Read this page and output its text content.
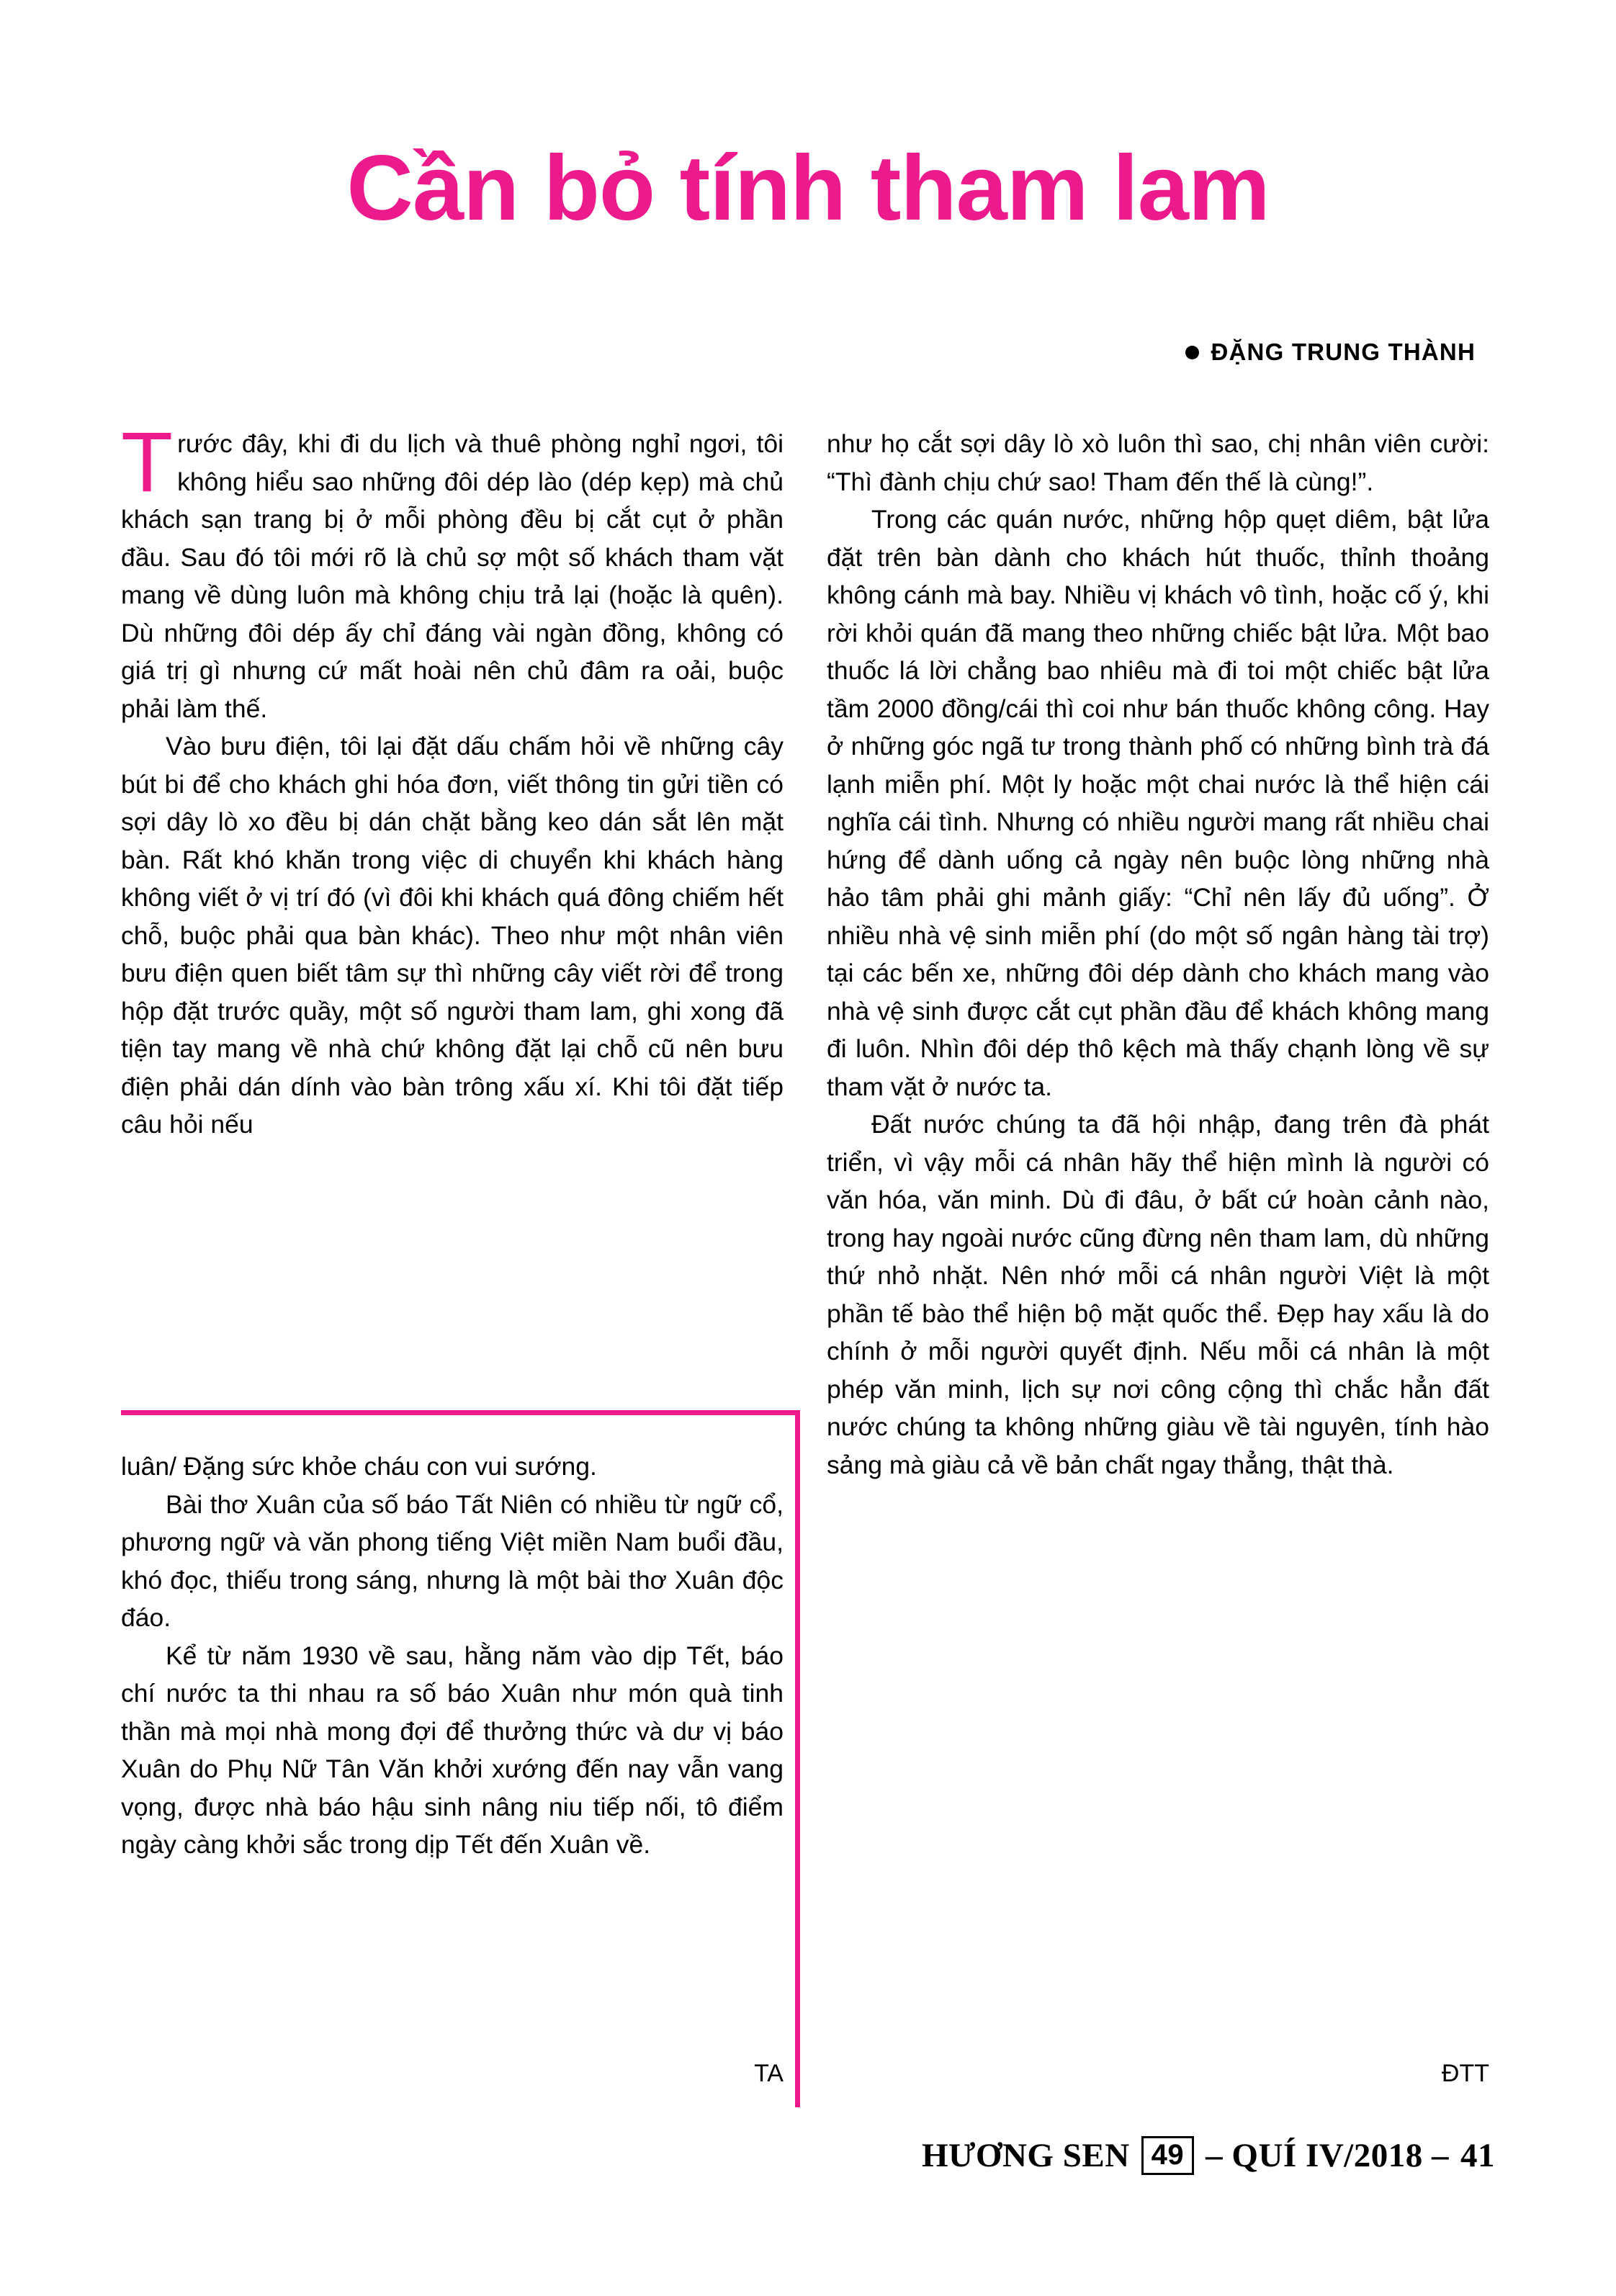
Cần bỏ tính tham lam
ĐẶNG TRUNG THÀNH

Trước đây, khi đi du lịch và thuê phòng nghỉ ngơi, tôi không hiểu sao những đôi dép lào (dép kẹp) mà chủ khách sạn trang bị ở mỗi phòng đều bị cắt cụt ở phần đầu. Sau đó tôi mới rõ là chủ sợ một số khách tham vặt mang về dùng luôn mà không chịu trả lại (hoặc là quên). Dù những đôi dép ấy chỉ đáng vài ngàn đồng, không có giá trị gì nhưng cứ mất hoài nên chủ đâm ra oải, buộc phải làm thế.

Vào bưu điện, tôi lại đặt dấu chấm hỏi về những cây bút bi để cho khách ghi hóa đơn, viết thông tin gửi tiền có sợi dây lò xo đều bị dán chặt bằng keo dán sắt lên mặt bàn. Rất khó khăn trong việc di chuyển khi khách hàng không viết ở vị trí đó (vì đôi khi khách quá đông chiếm hết chỗ, buộc phải qua bàn khác). Theo như một nhân viên bưu điện quen biết tâm sự thì những cây viết rời để trong hộp đặt trước quầy, một số người tham lam, ghi xong đã tiện tay mang về nhà chứ không đặt lại chỗ cũ nên bưu điện phải dán dính vào bàn trông xấu xí. Khi tôi đặt tiếp câu hỏi nếu

luân/ Đặng sức khỏe cháu con vui sướng.

Bài thơ Xuân của số báo Tất Niên có nhiều từ ngữ cổ, phương ngữ và văn phong tiếng Việt miền Nam buổi đầu, khó đọc, thiếu trong sáng, nhưng là một bài thơ Xuân độc đáo.

Kể từ năm 1930 về sau, hằng năm vào dịp Tết, báo chí nước ta thi nhau ra số báo Xuân như món quà tinh thần mà mọi nhà mong đợi để thưởng thức và dư vị báo Xuân do Phụ Nữ Tân Văn khởi xướng đến nay vẫn vang vọng, được nhà báo hậu sinh nâng niu tiếp nối, tô điểm ngày càng khởi sắc trong dịp Tết đến Xuân về.

như họ cắt sợi dây lò xò luôn thì sao, chị nhân viên cười: “Thì đành chịu chứ sao! Tham đến thế là cùng!”.

Trong các quán nước, những hộp quẹt diêm, bật lửa đặt trên bàn dành cho khách hút thuốc, thỉnh thoảng không cánh mà bay. Nhiều vị khách vô tình, hoặc cố ý, khi rời khỏi quán đã mang theo những chiếc bật lửa. Một bao thuốc lá lời chẳng bao nhiêu mà đi toi một chiếc bật lửa tầm 2000 đồng/cái thì coi như bán thuốc không công. Hay ở những góc ngã tư trong thành phố có những bình trà đá lạnh miễn phí. Một ly hoặc một chai nước là thể hiện cái nghĩa cái tình. Nhưng có nhiều người mang rất nhiều chai hứng để dành uống cả ngày nên buộc lòng những nhà hảo tâm phải ghi mảnh giấy: “Chỉ nên lấy đủ uống”. Ở nhiều nhà vệ sinh miễn phí (do một số ngân hàng tài trợ) tại các bến xe, những đôi dép dành cho khách mang vào nhà vệ sinh được cắt cụt phần đầu để khách không mang đi luôn. Nhìn đôi dép thô kệch mà thấy chạnh lòng về sự tham vặt ở nước ta.

Đất nước chúng ta đã hội nhập, đang trên đà phát triển, vì vậy mỗi cá nhân hãy thể hiện mình là người có văn hóa, văn minh. Dù đi đâu, ở bất cứ hoàn cảnh nào, trong hay ngoài nước cũng đừng nên tham lam, dù những thứ nhỏ nhặt. Nên nhớ mỗi cá nhân người Việt là một phần tế bào thể hiện bộ mặt quốc thể. Đẹp hay xấu là do chính ở mỗi người quyết định. Nếu mỗi cá nhân là một phép văn minh, lịch sự nơi công cộng thì chắc hẳn đất nước chúng ta không những giàu về tài nguyên, tính hào sảng mà giàu cả về bản chất ngay thẳng, thật thà.

TA	ĐTT
HƯƠNG SEN 49 – QUÍ IV/2018 – 41
